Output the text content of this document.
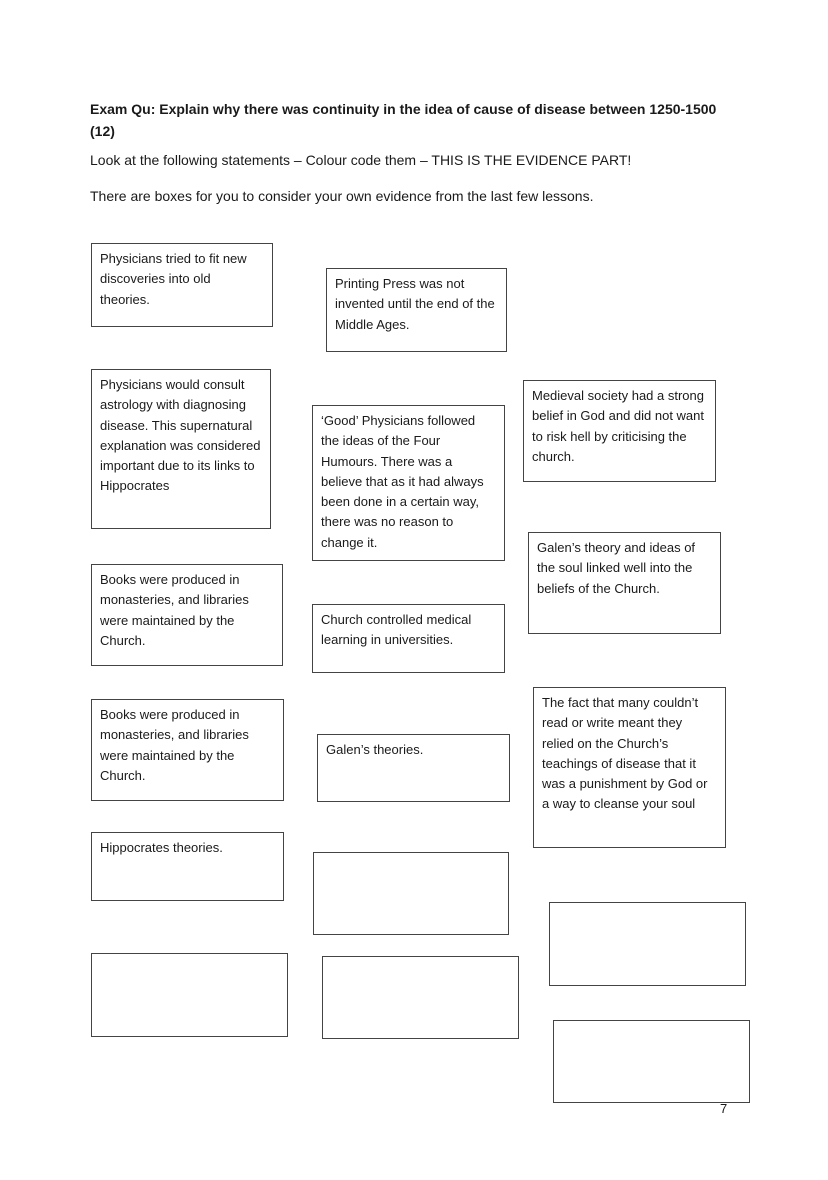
Exam Qu: Explain why there was continuity in the idea of cause of disease between 1250-1500 (12)
Look at the following statements – Colour code them – THIS IS THE EVIDENCE PART!
There are boxes for you to consider your own evidence from the last few lessons.
Physicians tried to fit new discoveries into old theories.
Printing Press was not invented until the end of the Middle Ages.
Physicians would consult astrology with diagnosing disease. This supernatural explanation was considered important due to its links to Hippocrates
‘Good’ Physicians followed the ideas of the Four Humours. There was a believe that as it had always been done in a certain way, there was no reason to change it.
Medieval society had a strong belief in God and did not want to risk hell by criticising the church.
Galen’s theory and ideas of the soul linked well into the beliefs of the Church.
Books were produced in monasteries, and libraries were maintained by the Church.
Church controlled medical learning in universities.
Books were produced in monasteries, and libraries were maintained by the Church.
Galen’s theories.
The fact that many couldn’t read or write meant they relied on the Church’s teachings of disease that it was a punishment by God or a way to cleanse your soul
Hippocrates theories.
7
